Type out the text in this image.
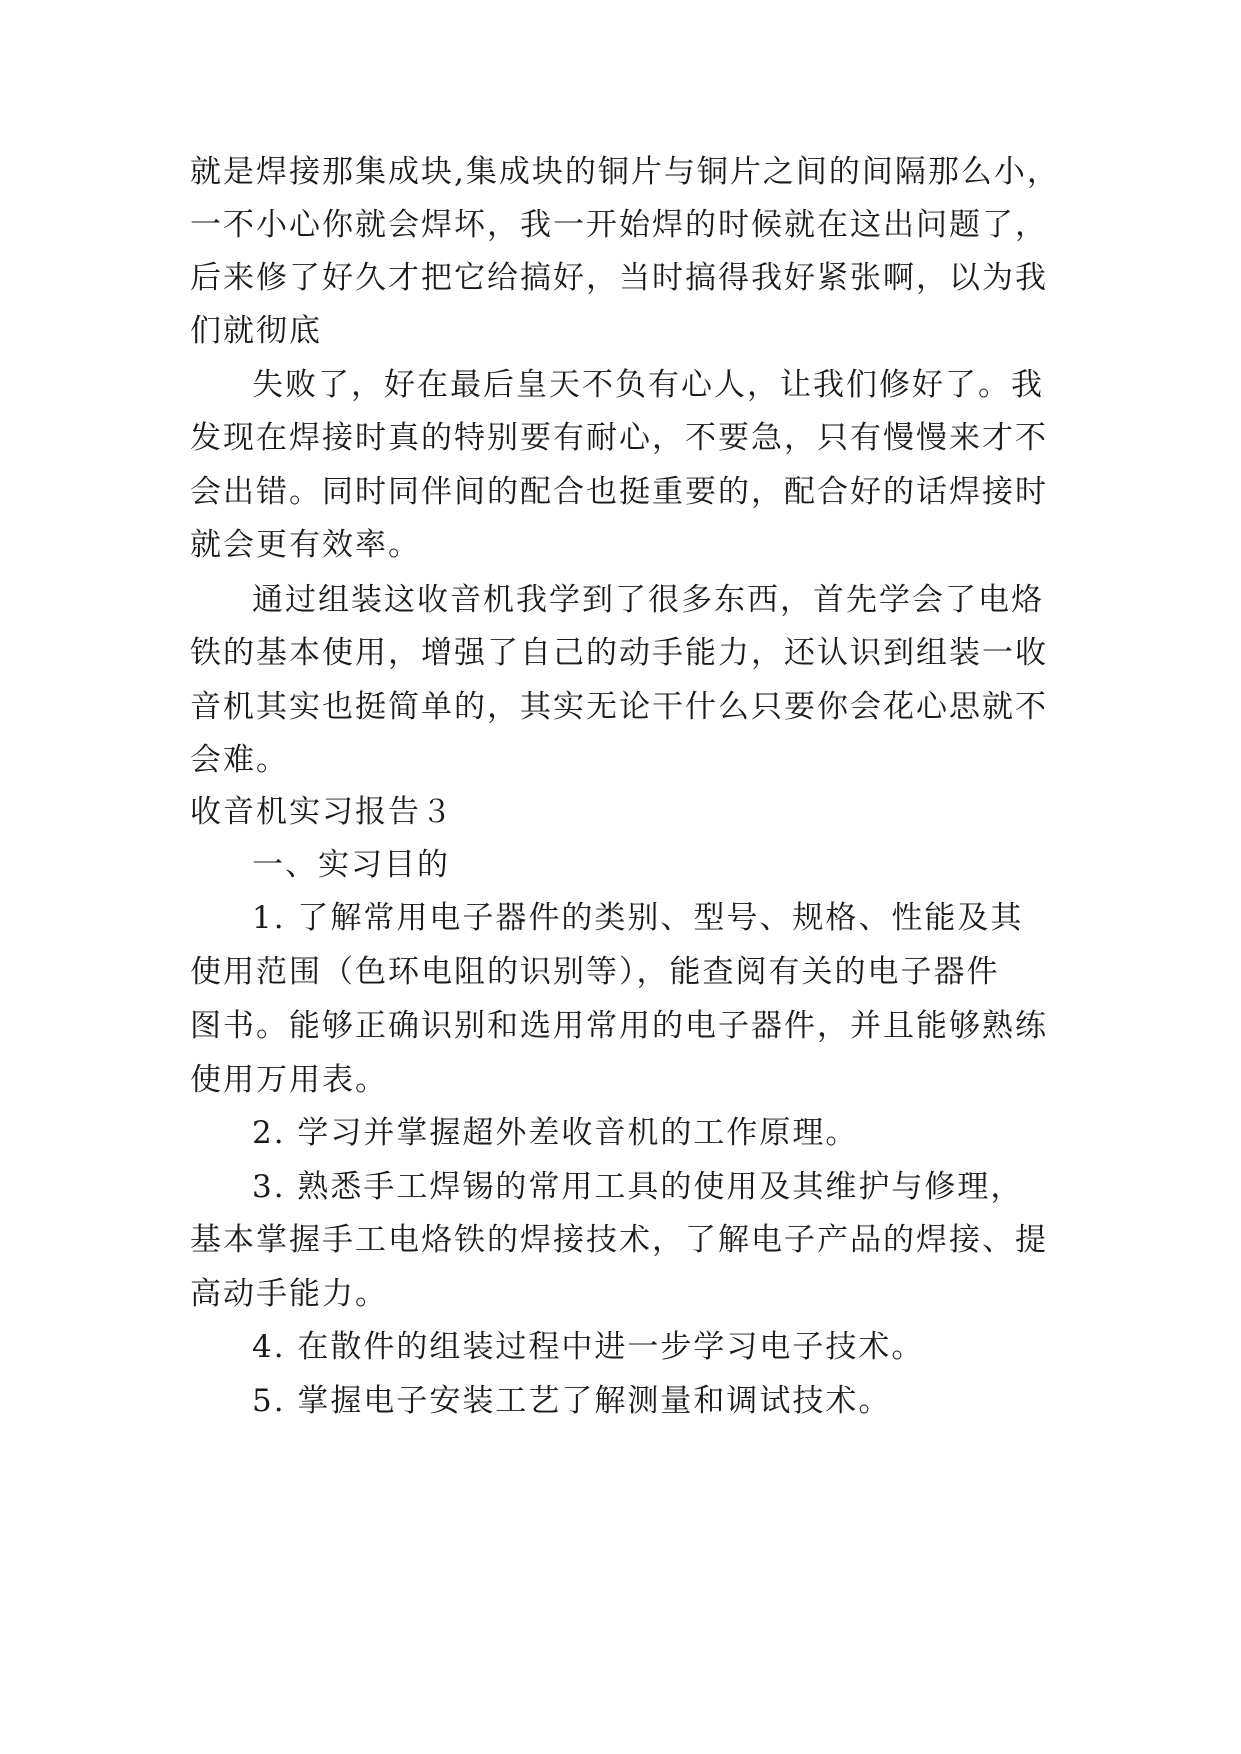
就是焊接那集成块,集成块的铜片与铜片之间的间隔那么小，
一不小心你就会焊坏，我一开始焊的时候就在这出问题了，
后来修了好久才把它给搞好，当时搞得我好紧张啊，以为我
们就彻底
失败了，好在最后皇天不负有心人，让我们修好了。我
发现在焊接时真的特别要有耐心，不要急，只有慢慢来才不
会出错。同时同伴间的配合也挺重要的，配合好的话焊接时
就会更有效率。
通过组装这收音机我学到了很多东西，首先学会了电烙
铁的基本使用，增强了自己的动手能力，还认识到组装一收
音机其实也挺简单的，其实无论干什么只要你会花心思就不
会难。
收音机实习报告３
一、实习目的
1. 了解常用电子器件的类别、型号、规格、性能及其
使用范围（色环电阻的识别等），能查阅有关的电子器件
图书。能够正确识别和选用常用的电子器件，并且能够熟练
使用万用表。
2. 学习并掌握超外差收音机的工作原理。
3. 熟悉手工焊锡的常用工具的使用及其维护与修理，
基本掌握手工电烙铁的焊接技术，了解电子产品的焊接、提
高动手能力。
4. 在散件的组装过程中进一步学习电子技术。
5. 掌握电子安装工艺了解测量和调试技术。
